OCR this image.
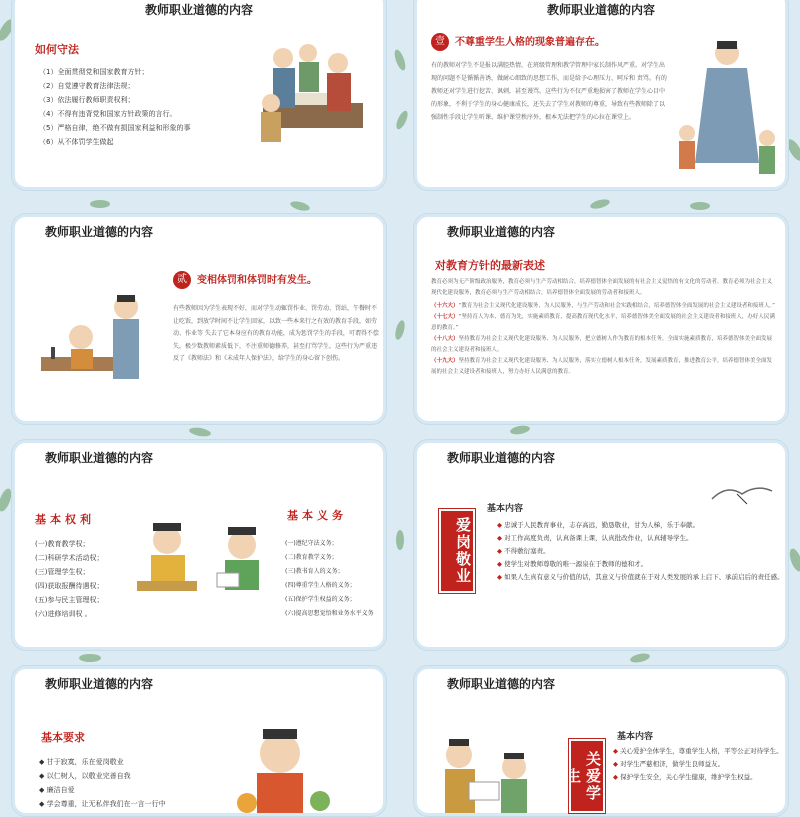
教师职业道德的内容
如何守法
（1）全面贯彻党和国家教育方针；
（2）自觉遵守教育法律法规；
（3）依法履行教师职责权利；
（4）不得有违背党和国家方针政策的言行。
（5）严格自律，绝不做有损国家利益和形象的事
（6）从不体罚学生做起
教师职业道德的内容
壹 不尊重学生人格的现象普遍存在。

有的教师对学生不是报以满腔热情，在班级管理和教学管理中家长制作风严重。对学生出现的问题不是循循善诱，做耐心细致的思想工作，而是给予心理压力、呵斥和 责骂。有的教师还对学生进行挖苦、讽刺，甚至谩骂。这些行为不仅严重地损害了教师在学生心目中的形象，不利于学生的身心健康成长，还失去了学生对教师的尊重，导致有些教师除了以强制性手段让学生听课、维护课堂秩序外，根本无法把学生的心拉在课堂上。

教师职业道德的内容
贰 变相体罚和体罚时有发生。

有些教师因为学生表现不好，而对学生动辄罚作业、罚劳动、罚站，午餐时不让吃饭，到放学时间不让学生回家，以致一些本来行之有效的教育手段，如劳动、作业等 失去了它本身应有的教育功能，成为惩罚学生的手段，可谓得不偿失。极少数教师素质低下，不注重师德修养，甚至打骂学生。这些行为严重违反了《教师法》和《未成年人保护法》，给学生的身心留下创伤。

教师职业道德的内容
对教育方针的最新表述

教育必须为无产阶级政治服务，教育必须与生产劳动相结合，培养德智体全面发展的有社会主义觉悟的有文化的劳动者。教育必须为社会主义现代化建设服务，教育必须与生产劳动相结合，培养德智体全面发展的劳动者和接班人。

（十六大）“教育为社会主义现代化建设服务，为人民服务，与生产劳动和社会实践相结合，培养德智体全面发展的社会主义建设者和接班人。”

（十七大）“坚持育人为本、德育为先，实施素质教育，提高教育现代化水平，培养德智体美全面发展的社会主义建设者和接班人，办好人民满意的教育。”

（十八大）坚持教育为社会主义现代化建设服务、为人民服务，把立德树人作为教育的根本任务，全面实施素质教育，培养德智体美全面发展的社会主义建设者和接班人。

（十九大）坚持教育为社会主义现代化建设服务、为人民服务，落实立德树人根本任务，发展素质教育，推进教育公平，培养德智体美全面发展的社会主义建设者和接班人，努力办好人民满意的教育。

教师职业道德的内容
基本权利
(一)教育教学权；
(二)科研学术活动权；
(三)管理学生权；
(四)获取报酬待遇权；
(五)参与民主管理权；
(六)进修培训权 。
基本义务
(一)遵纪守法义务；
(二)教育教学义务；
(三)教书育人的义务；
(四)尊重学生人格的义务；
(五)保护学生权益的义务；
(六)提高思想觉悟和业务水平义务
教师职业道德的内容
爱岗敬业
基本内容
◆ 忠诚于人民教育事业，志存高远，勤恳敬业，甘为人梯，乐于奉献。
◆ 对工作高度负责，认真备课上课，认真批改作业，认真辅导学生。
◆ 不得敷衍塞责。
◆ 使学生对教师尊敬的唯一源泉在于教师的德和才。
◆ 如果人生真有意义与价值的话，其意义与价值就在于对人类发展的承上启下、承前启后的责任感。
教师职业道德的内容
基本要求
◆ 甘于寂寞，乐在爱岗敬业
◆ 以仁树人，以敬业完善自我
◆ 廉洁自爱
◆ 学会尊重，让无私伴我们在一言一行中
教师职业道德的内容
关爱学生
基本内容
◆ 关心爱护全体学生，尊重学生人格，平等公正对待学生。
◆ 对学生严慈相济，做学生良师益友。
◆ 保护学生安全，关心学生健康，维护学生权益。
